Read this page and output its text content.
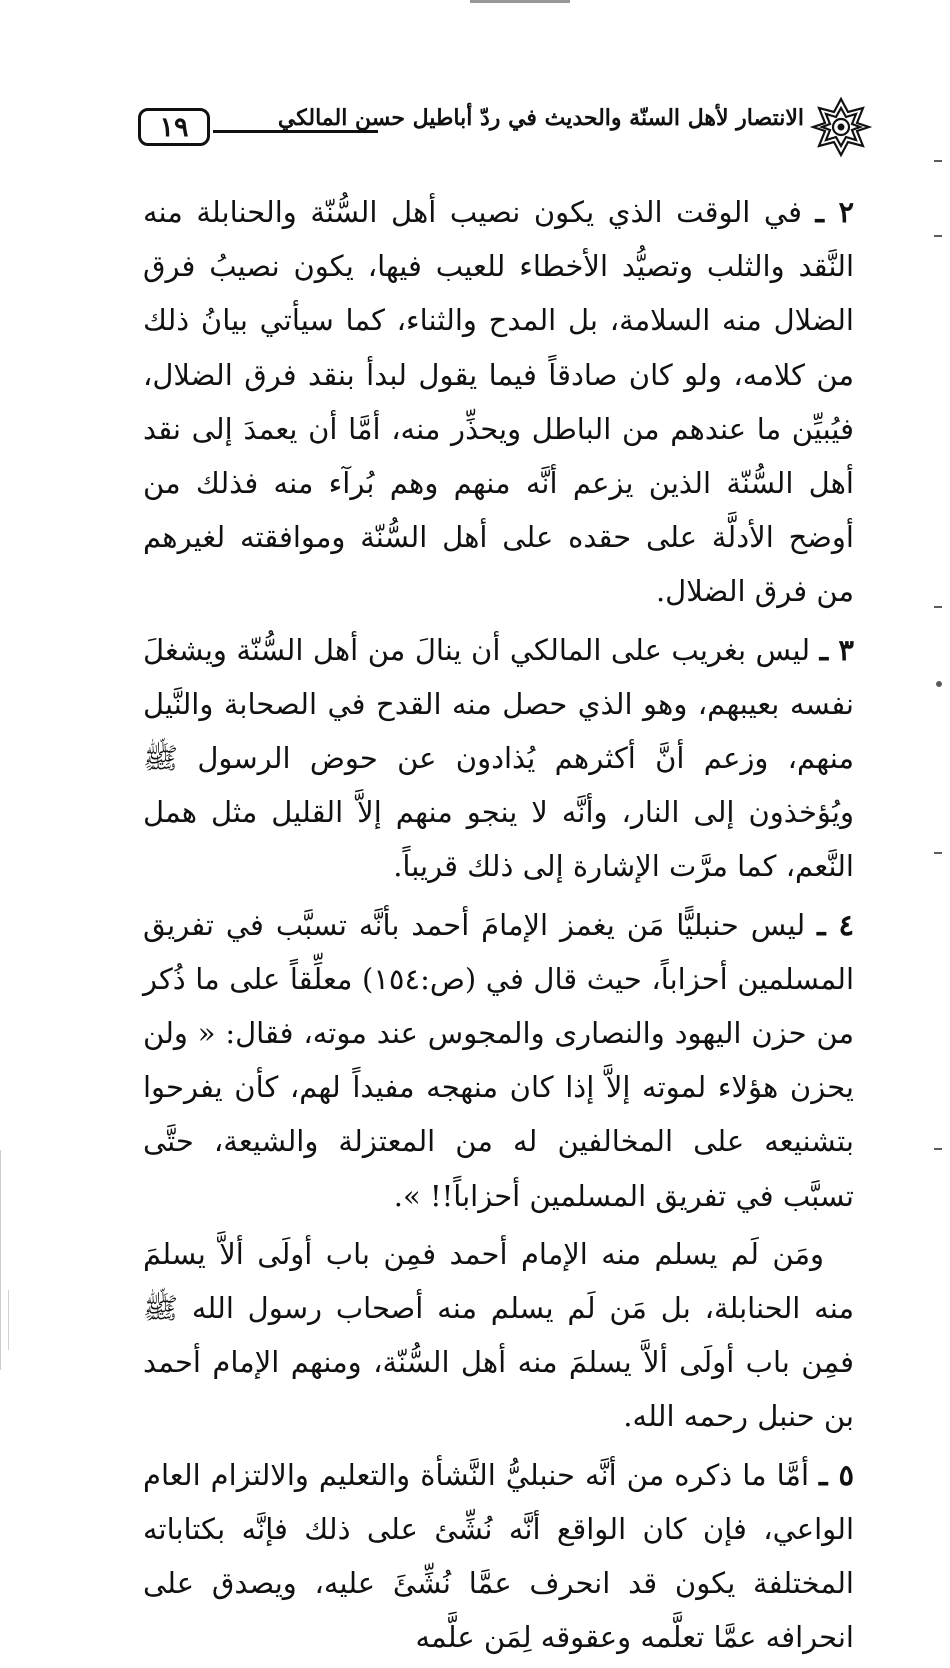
١٩	الانتصار لأهل السنّة والحديث في ردّ أباطيل حسن المالكي

٢ ـ في الوقت الذي يكون نصيب أهل السُّنّة والحنابلة منه النَّقد والثلب وتصيُّد الأخطاء للعيب فيها، يكون نصيبُ فرق الضلال منه السلامة، بل المدح والثناء، كما سيأتي بيانُ ذلك من كلامه، ولو كان صادقاً فيما يقول لبدأ بنقد فرق الضلال، فيُبيِّن ما عندهم من الباطل ويحذِّر منه، أمَّا أن يعمدَ إلى نقد أهل السُّنّة الذين يزعم أنَّه منهم وهم بُرآء منه فذلك من أوضح الأدلَّة على حقده على أهل السُّنّة وموافقته لغيرهم من فرق الضلال.

٣ ـ ليس بغريب على المالكي أن ينالَ من أهل السُّنّة ويشغلَ نفسه بعيبهم، وهو الذي حصل منه القدح في الصحابة والنَّيل منهم، وزعم أنَّ أكثرهم يُذادون عن حوض الرسول ﷺ ويُؤخذون إلى النار، وأنَّه لا ينجو منهم إلاَّ القليل مثل همل النَّعم، كما مرَّت الإشارة إلى ذلك قريباً.

٤ ـ ليس حنبليًّا مَن يغمز الإمامَ أحمد بأنَّه تسبَّب في تفريق المسلمين أحزاباً، حيث قال في (ص:١٥٤) معلِّقاً على ما ذُكر من حزن اليهود والنصارى والمجوس عند موته، فقال: « ولن يحزن هؤلاء لموته إلاَّ إذا كان منهجه مفيداً لهم، كأن يفرحوا بتشنيعه على المخالفين له من المعتزلة والشيعة، حتَّى تسبَّب في تفريق المسلمين أحزاباً!! ».

ومَن لَم يسلم منه الإمام أحمد فمِن باب أولَى ألاَّ يسلمَ منه الحنابلة، بل مَن لَم يسلم منه أصحاب رسول الله ﷺ فمِن باب أولَى ألاَّ يسلمَ منه أهل السُّنّة، ومنهم الإمام أحمد بن حنبل رحمه الله.

٥ ـ أمَّا ما ذكره من أنَّه حنبليُّ النَّشأة والتعليم والالتزام العام الواعي، فإن كان الواقع أنَّه نُشِّئ على ذلك فإنَّه بكتاباته المختلفة يكون قد انحرف عمَّا نُشِّئَ عليه، ويصدق على انحرافه عمَّا تعلَّمه وعقوقه لِمَن علَّمه
